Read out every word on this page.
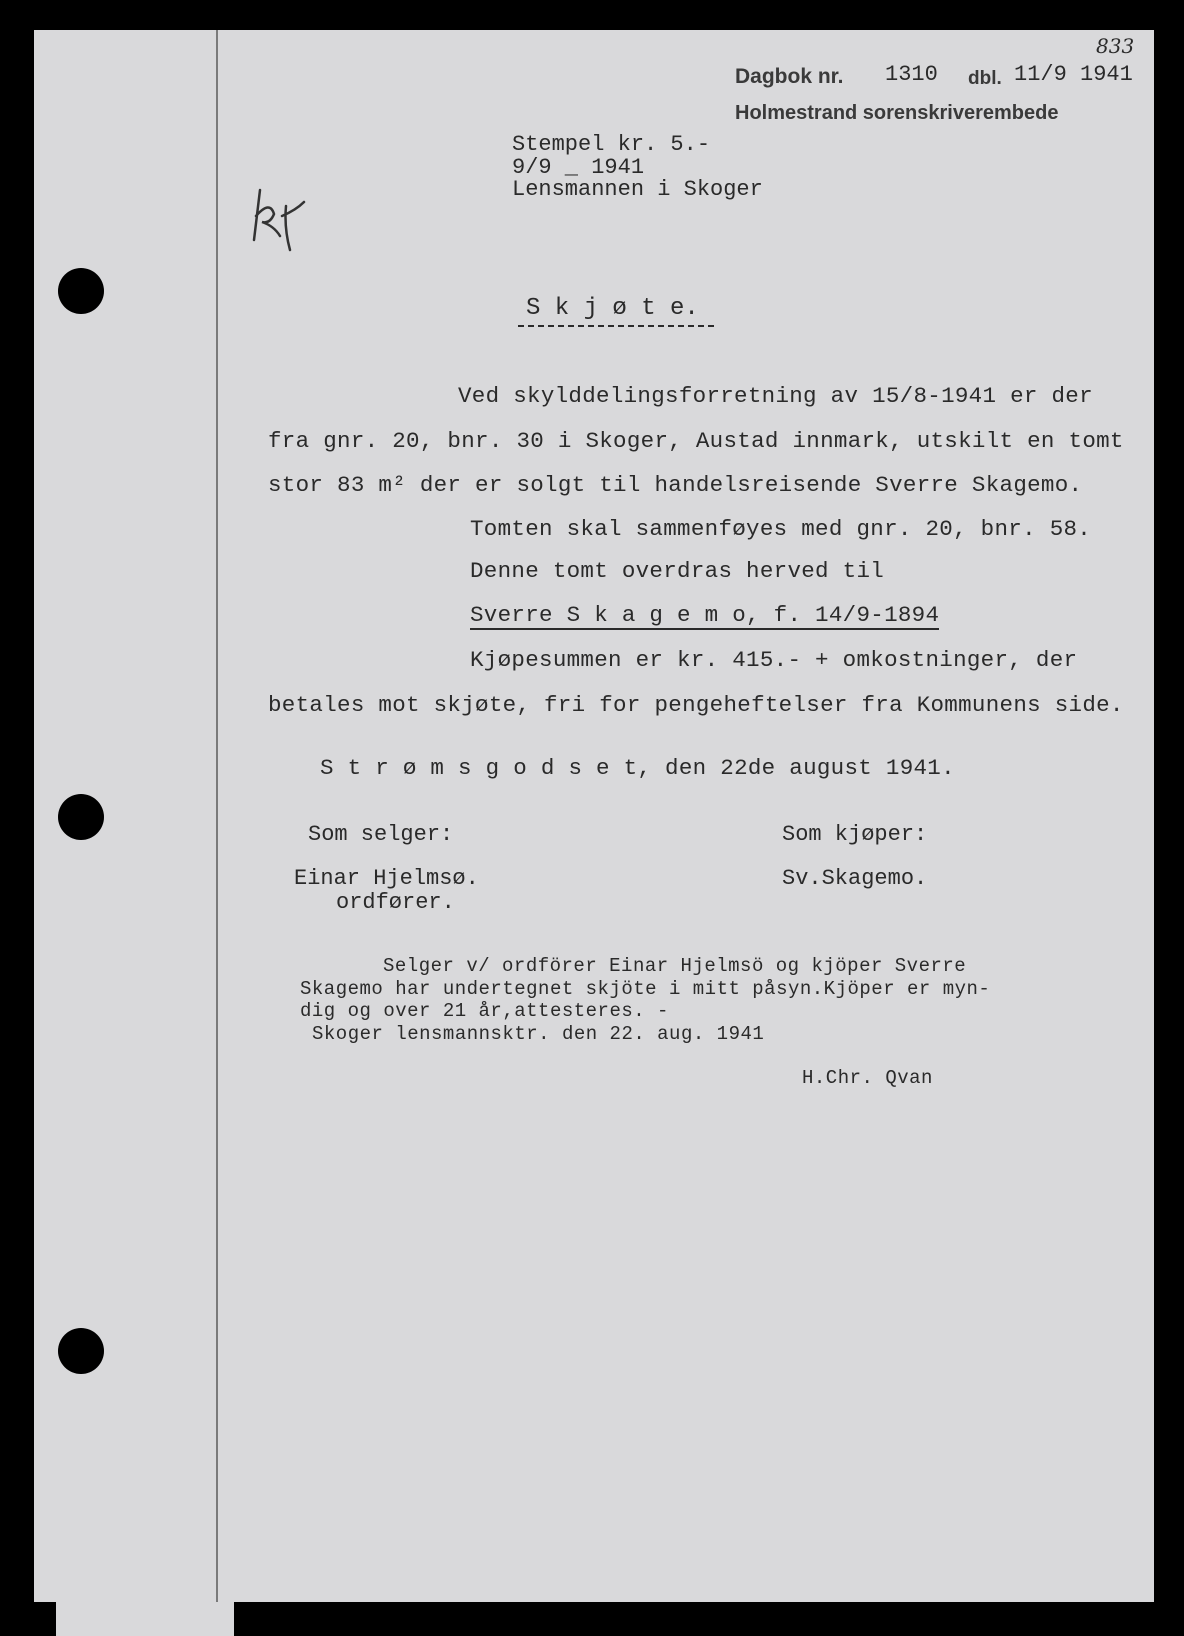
833
Dagbok nr. 1310 dbl. 11/9 1941
Holmestrand sorenskriverembede
Stempel kr. 5.-
9/9 _ 1941
Lensmannen i Skoger
S k j ø t e.
Ved skylddelingsforretning av 15/8-1941 er der
fra gnr. 20, bnr. 30 i Skoger, Austad innmark, utskilt en tomt
stor 83 m² der er solgt til handelsreisende Sverre Skagemo.
Tomten skal sammenføyes med gnr. 20, bnr. 58.
Denne tomt overdras herved til
Sverre S k a g e m o, f. 14/9-1894
Kjøpesummen er kr. 415.- + omkostninger, der
betales mot skjøte, fri for pengeheftelser fra Kommunens side.
S t r ø m s g o d s e t, den 22de august 1941.
Som selger:
Einar Hjelmsø.
ordfører.
Som kjøper:
Sv.Skagemo.
Selger v/ ordförer Einar Hjelmsö og kjöper Sverre
Skagemo har undertegnet skjöte i mitt påsyn.Kjöper er myn-
dig og over 21 år,attesteres. -
Skoger lensmannsktr. den 22. aug. 1941
H.Chr. Qvan
